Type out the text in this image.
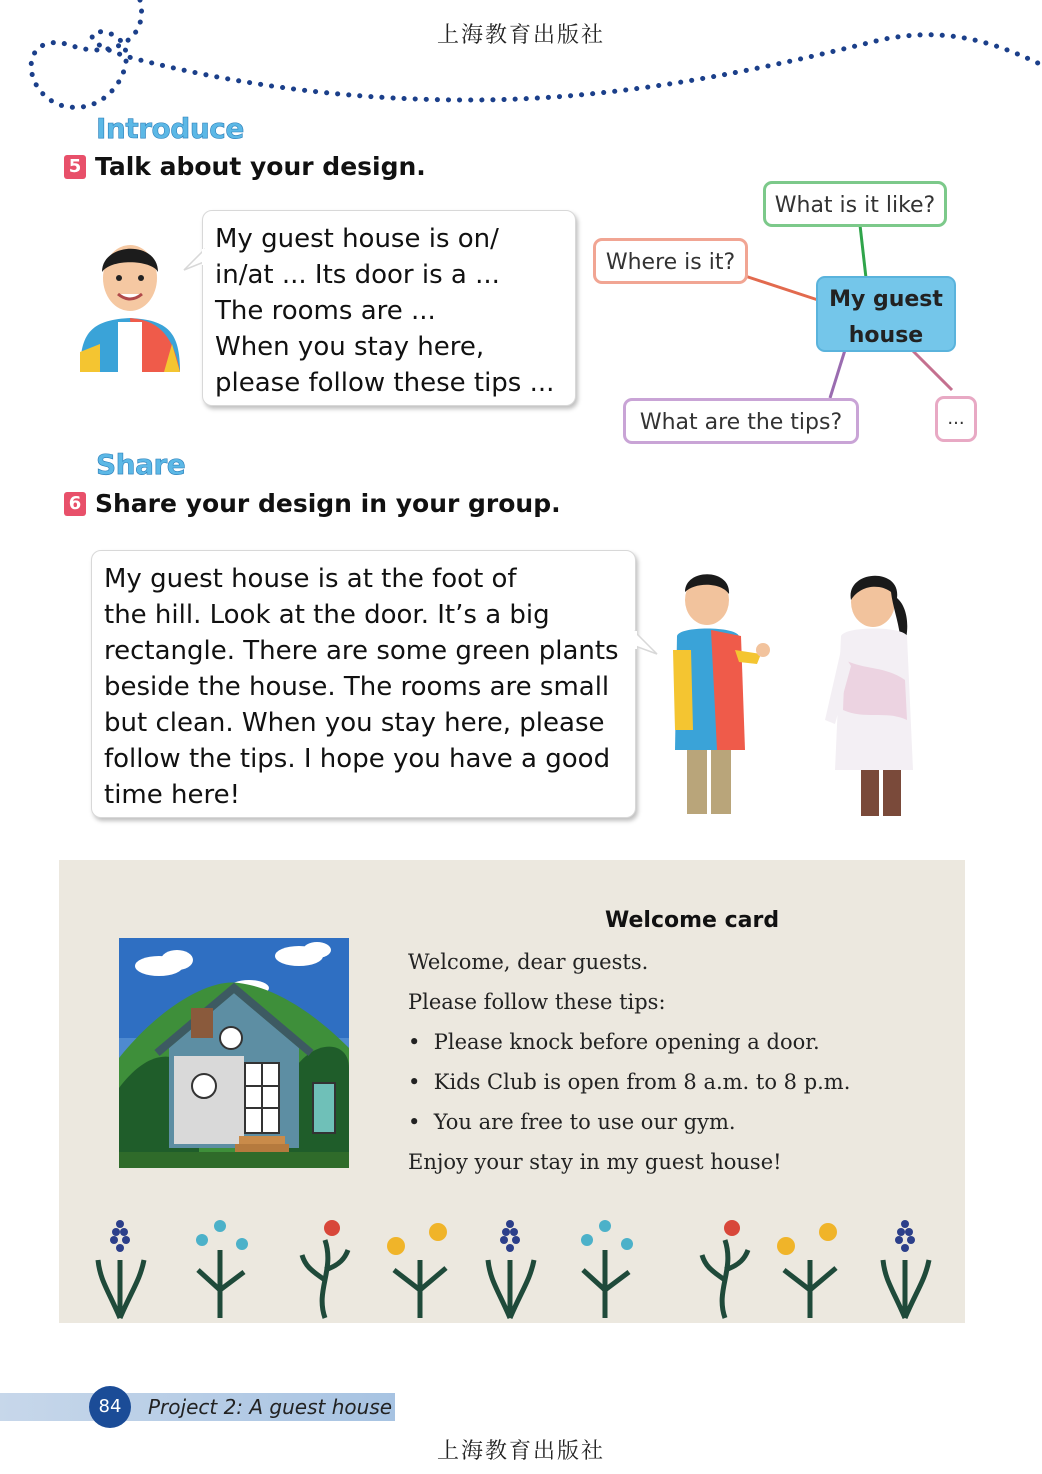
上海教育出版社
Introduce
5 Talk about your design.
My guest house is on/
in/at ... Its door is a ...
The rooms are ...
When you stay here,
please follow these tips ...
What is it like?
Where is it?
My guest
house
What are the tips?	...
Share
6 Share your design in your group.
My guest house is at the foot of
the hill. Look at the door. It’s a big
rectangle. There are some green plants
beside the house. The rooms are small
but clean. When you stay here, please
follow the tips. I hope you have a good
time here!
Welcome card
Welcome, dear guests.
Please follow these tips:
•  Please knock before opening a door.
•  Kids Club is open from 8 a.m. to 8 p.m.
•  You are free to use our gym.
Enjoy your stay in my guest house!
84	Project 2: A guest house
上海教育出版社
